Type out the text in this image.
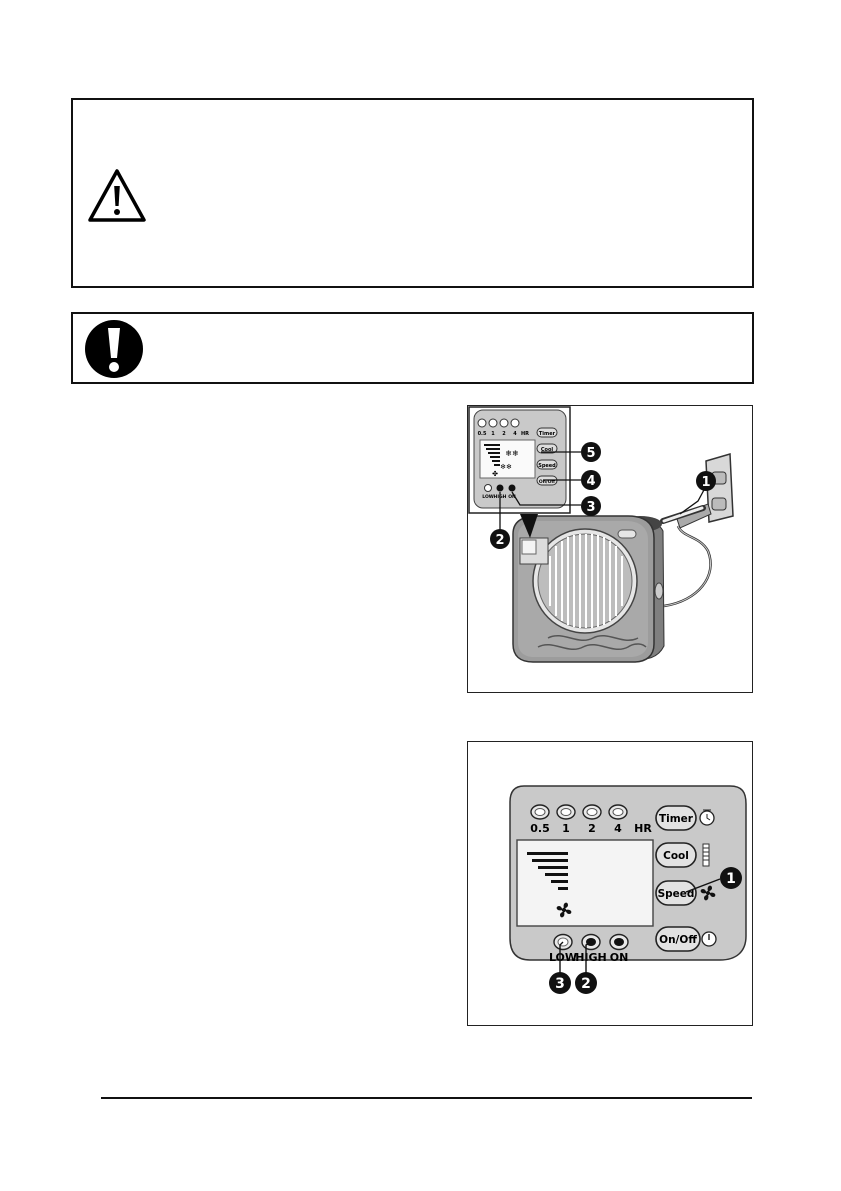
0.5 1 2 4 HR
❄❄
❄❄
✤
Timer
Cool
Speed
On/Off
LOW HIGH ON
5
4
3
2
1
0.5 1 2 4 HR
Timer
Cool
Speed
On/Off
LOW
HIGH ON
1
2
3
